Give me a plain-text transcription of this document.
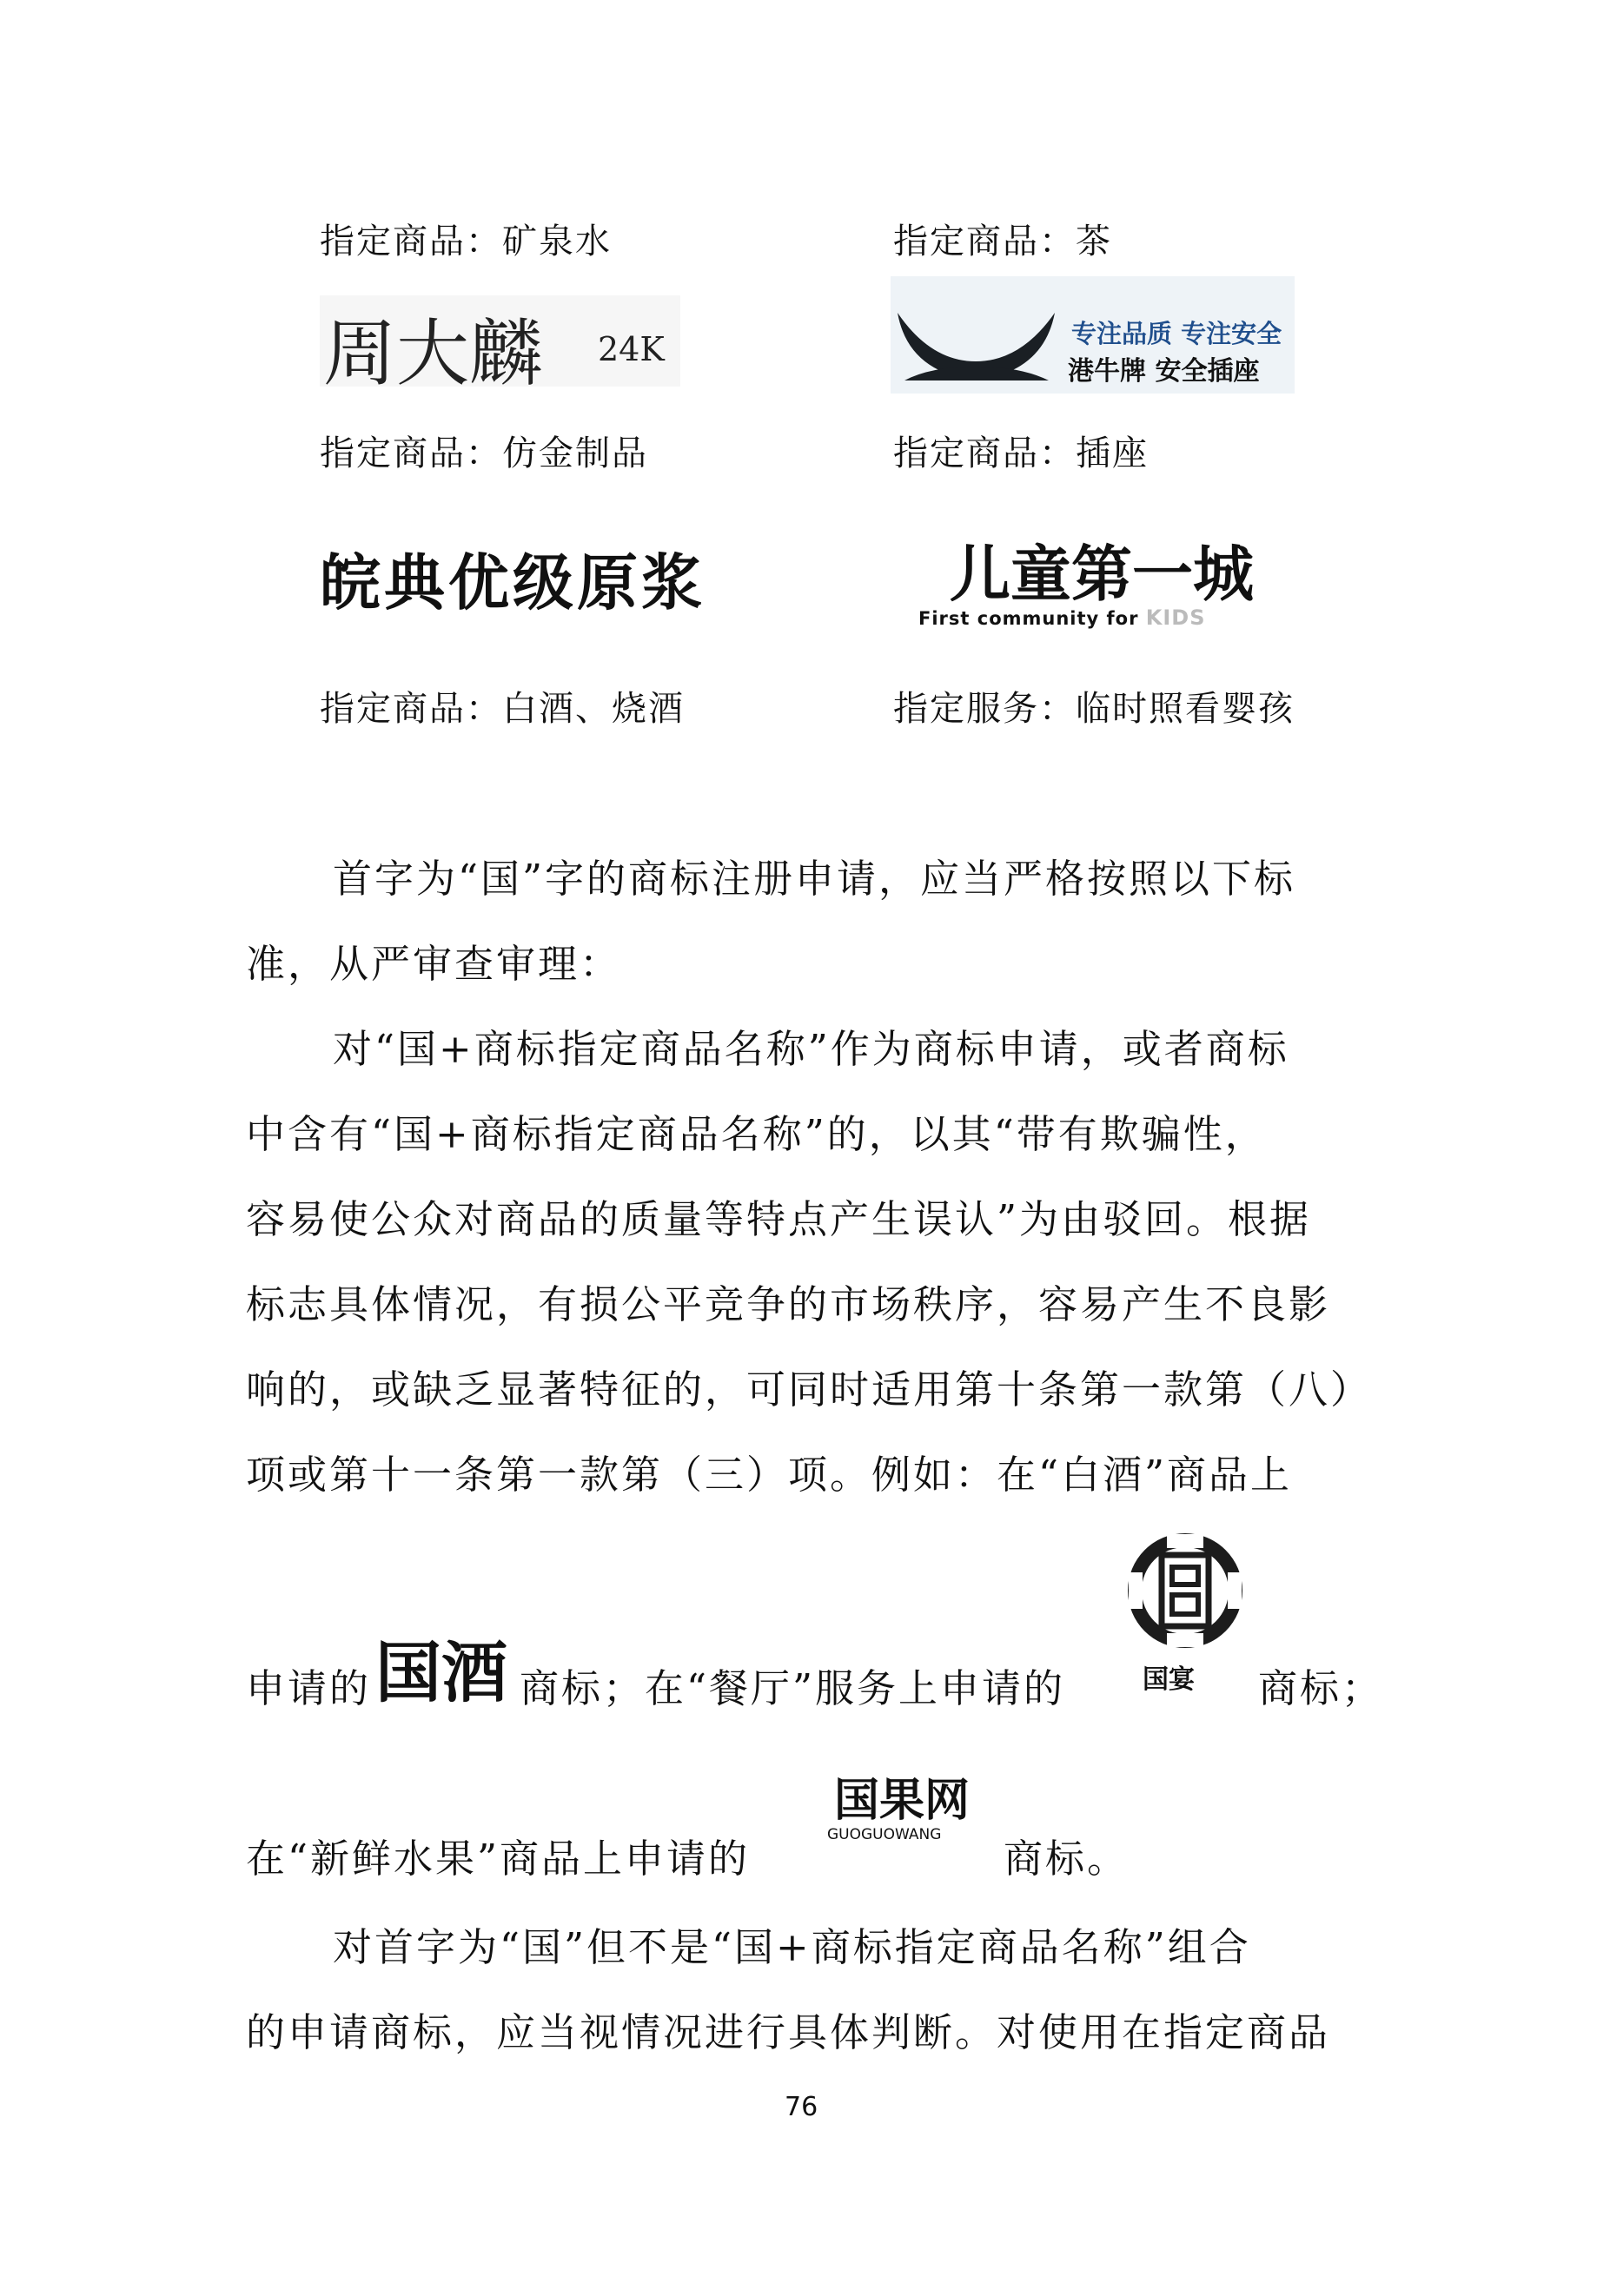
指定商品：矿泉水	指定商品：茶
周大麟 24K
指定商品：仿金制品
专注品质 专注安全
港牛牌 安全插座
指定商品：插座
皖典优级原浆
指定商品：白酒、烧酒
儿童第一城
First community for KIDS
指定服务：临时照看婴孩
首字为“国”字的商标注册申请，应当严格按照以下标
准，从严审查审理：
对“国+商标指定商品名称”作为商标申请，或者商标
中含有“国+商标指定商品名称”的，以其“带有欺骗性，
容易使公众对商品的质量等特点产生误认”为由驳回。根据
标志具体情况，有损公平竞争的市场秩序，容易产生不良影
响的，或缺乏显著特征的，可同时适用第十条第一款第（八）
项或第十一条第一款第（三）项。例如：在“白酒”商品上
申请的 国酒 商标；在“餐厅”服务上申请的	国宴 商标；
在“新鲜水果”商品上申请的
国果网
GUOGUOWANG
商标。
对首字为“国”但不是“国+商标指定商品名称”组合
的申请商标，应当视情况进行具体判断。对使用在指定商品
76
